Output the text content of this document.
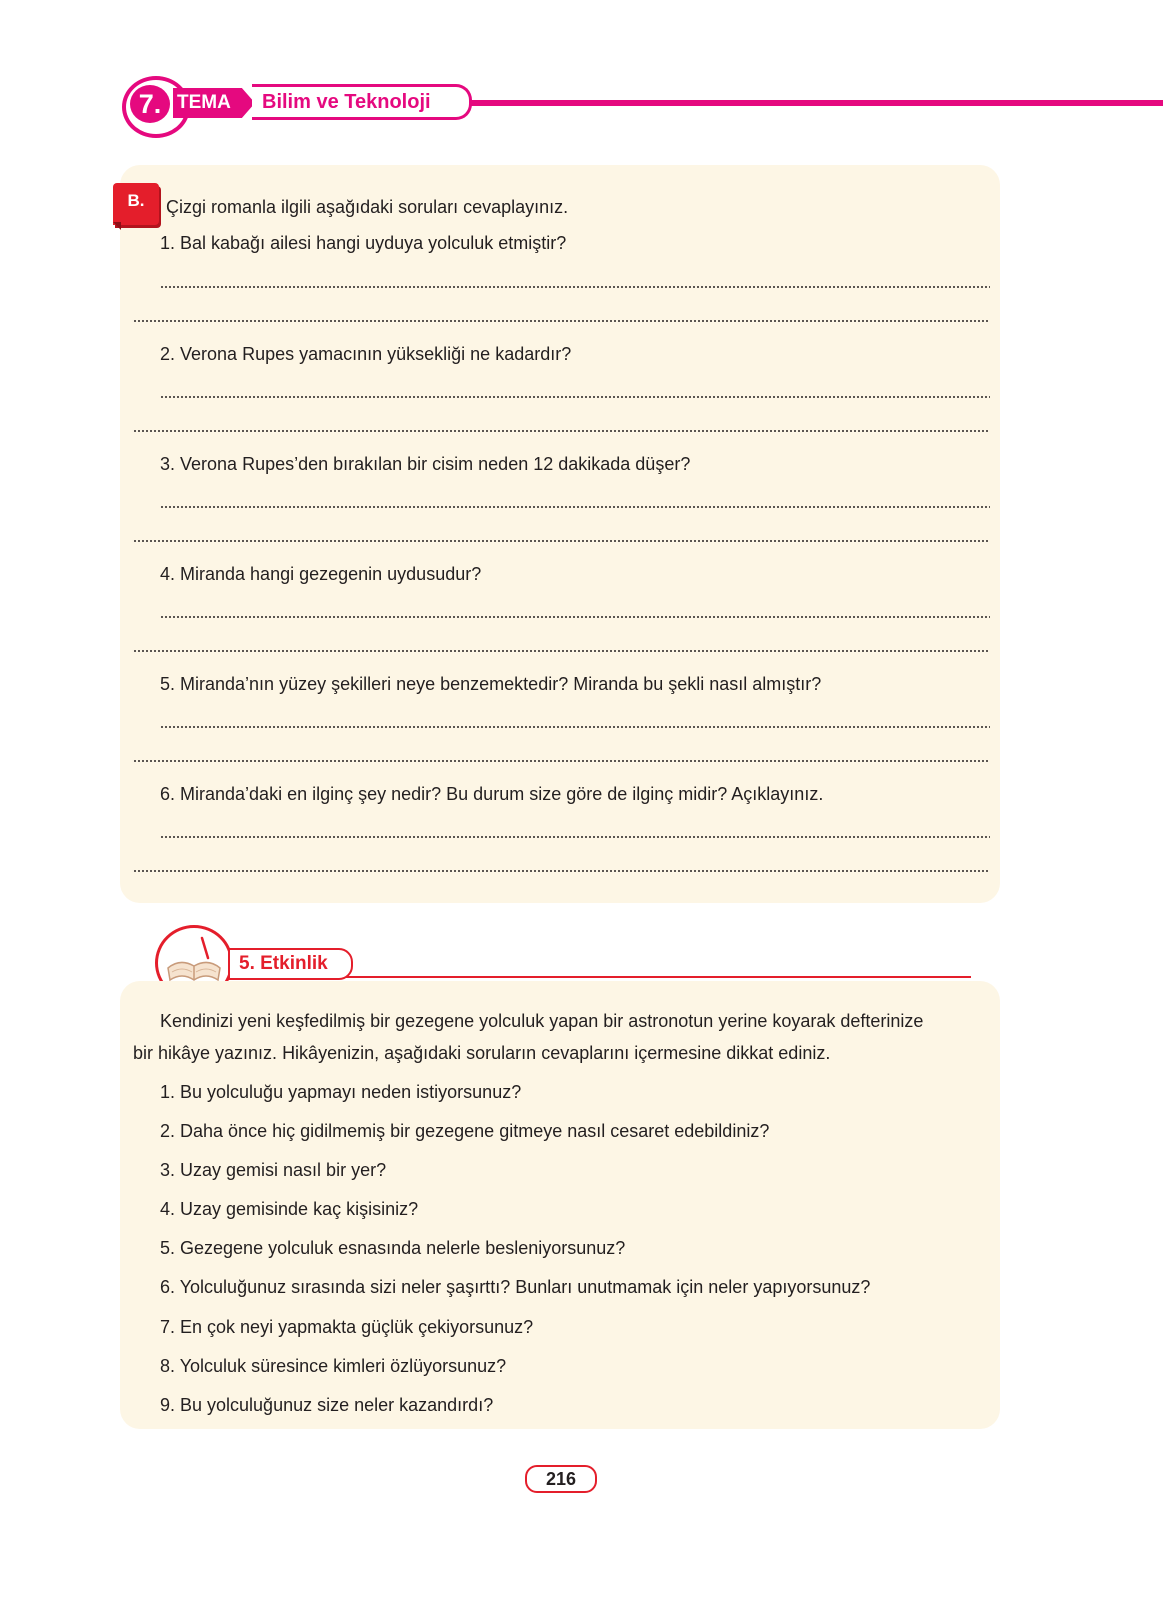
7. TEMA	Bilim ve Teknoloji
B.	Çizgi romanla ilgili aşağıdaki soruları cevaplayınız.
1. Bal kabağı ailesi hangi uyduya yolculuk etmiştir?
2. Verona Rupes yamacının yüksekliği ne kadardır?
3. Verona Rupes’den bırakılan bir cisim neden 12 dakikada düşer?
4. Miranda hangi gezegenin uydusudur?
5. Miranda’nın yüzey şekilleri neye benzemektedir? Miranda bu şekli nasıl almıştır?
6. Miranda’daki en ilginç şey nedir? Bu durum size göre de ilginç midir? Açıklayınız.
5. Etkinlik
Kendinizi yeni keşfedilmiş bir gezegene yolculuk yapan bir astronotun yerine koyarak defterinize
bir hikâye yazınız. Hikâyenizin, aşağıdaki soruların cevaplarını içermesine dikkat ediniz.
1. Bu yolculuğu yapmayı neden istiyorsunuz?
2. Daha önce hiç gidilmemiş bir gezegene gitmeye nasıl cesaret edebildiniz?
3. Uzay gemisi nasıl bir yer?
4. Uzay gemisinde kaç kişisiniz?
5. Gezegene yolculuk esnasında nelerle besleniyorsunuz?
6. Yolculuğunuz sırasında sizi neler şaşırttı? Bunları unutmamak için neler yapıyorsunuz?
7. En çok neyi yapmakta güçlük çekiyorsunuz?
8. Yolculuk süresince kimleri özlüyorsunuz?
9. Bu yolculuğunuz size neler kazandırdı?
216
